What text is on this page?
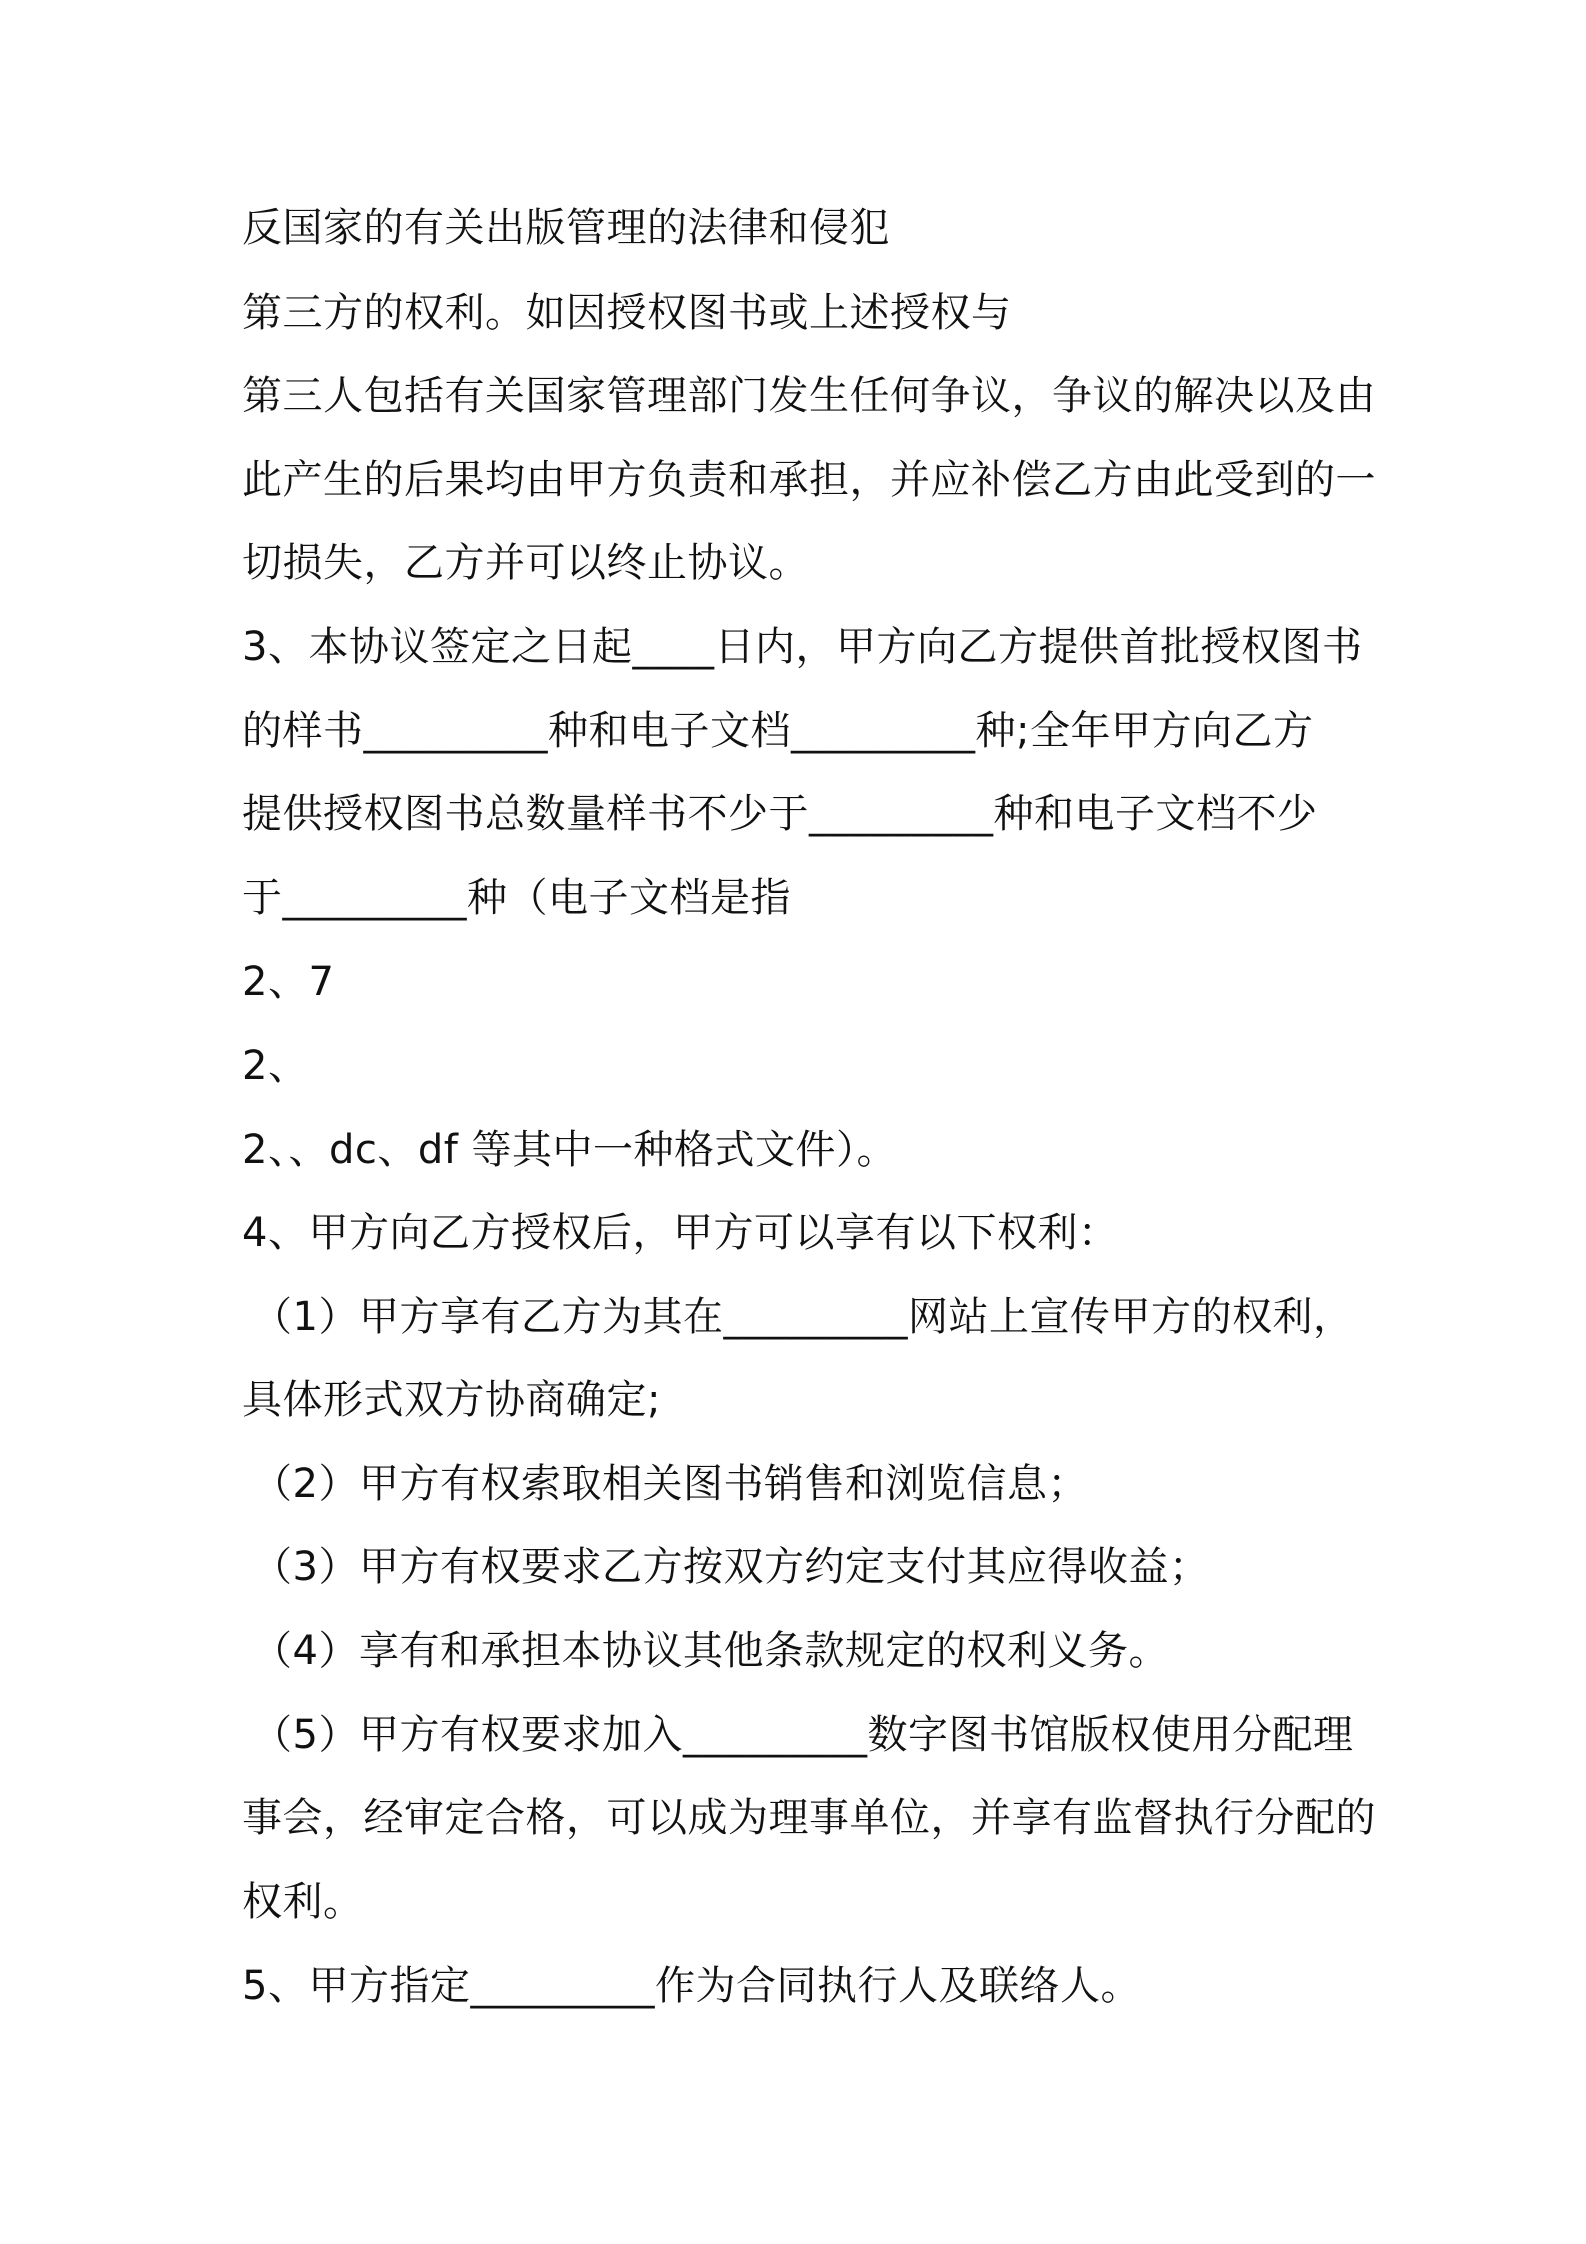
反国家的有关出版管理的法律和侵犯
第三方的权利。如因授权图书或上述授权与
第三人包括有关国家管理部门发生任何争议，争议的解决以及由
此产生的后果均由甲方负责和承担，并应补偿乙方由此受到的一
切损失，乙方并可以终止协议。
3、本协议签定之日起____日内，甲方向乙方提供首批授权图书
的样书_________种和电子文档_________种;全年甲方向乙方
提供授权图书总数量样书不少于_________种和电子文档不少
于_________种（电子文档是指
2、7
2、
2、、dc、df 等其中一种格式文件）。
4、甲方向乙方授权后，甲方可以享有以下权利：
（1）甲方享有乙方为其在_________网站上宣传甲方的权利，
具体形式双方协商确定;
（2）甲方有权索取相关图书销售和浏览信息；
（3）甲方有权要求乙方按双方约定支付其应得收益；
（4）享有和承担本协议其他条款规定的权利义务。
（5）甲方有权要求加入_________数字图书馆版权使用分配理
事会，经审定合格，可以成为理事单位，并享有监督执行分配的
权利。
5、甲方指定_________作为合同执行人及联络人。
